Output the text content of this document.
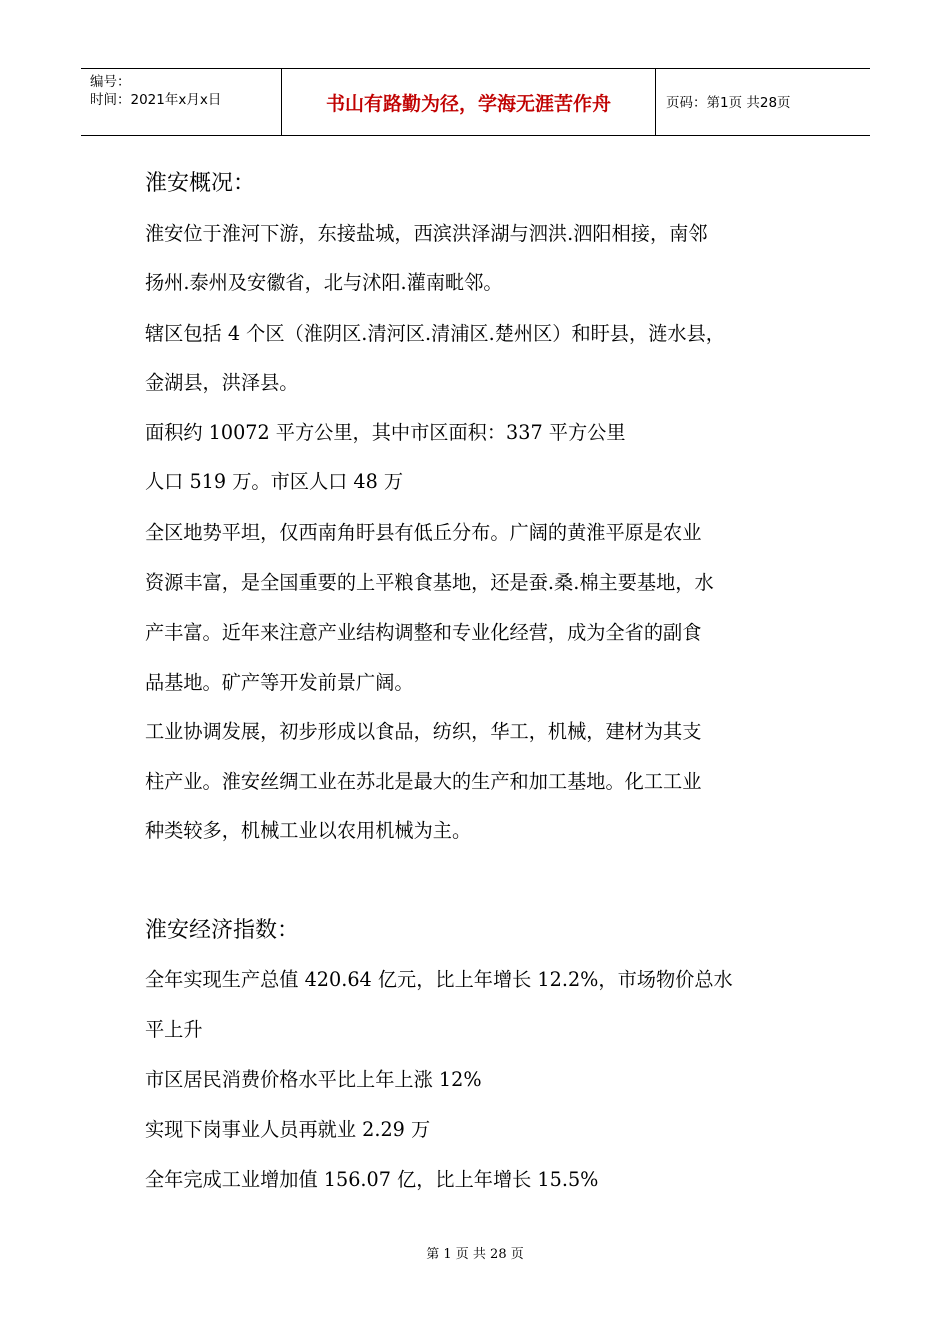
编号：
时间：2021年x月x日	书山有路勤为径，学海无涯苦作舟	页码：第1页 共28页
淮安概况：
淮安位于淮河下游，东接盐城，西滨洪泽湖与泗洪.泗阳相接，南邻
扬州.泰州及安徽省，北与沭阳.灌南毗邻。
辖区包括 4 个区（淮阴区.清河区.清浦区.楚州区）和盱县，涟水县，
金湖县，洪泽县。
面积约 10072 平方公里，其中市区面积：337 平方公里
人口 519 万。市区人口 48 万
全区地势平坦，仅西南角盱县有低丘分布。广阔的黄淮平原是农业
资源丰富，是全国重要的上平粮食基地，还是蚕.桑.棉主要基地，水
产丰富。近年来注意产业结构调整和专业化经营，成为全省的副食
品基地。矿产等开发前景广阔。
工业协调发展，初步形成以食品，纺织，华工，机械，建材为其支
柱产业。淮安丝绸工业在苏北是最大的生产和加工基地。化工工业
种类较多，机械工业以农用机械为主。
淮安经济指数：
全年实现生产总值 420.64 亿元，比上年增长 12.2%，市场物价总水
平上升
市区居民消费价格水平比上年上涨 12%
实现下岗事业人员再就业 2.29 万
全年完成工业增加值 156.07 亿，比上年增长 15.5%
第 1 页 共 28 页
